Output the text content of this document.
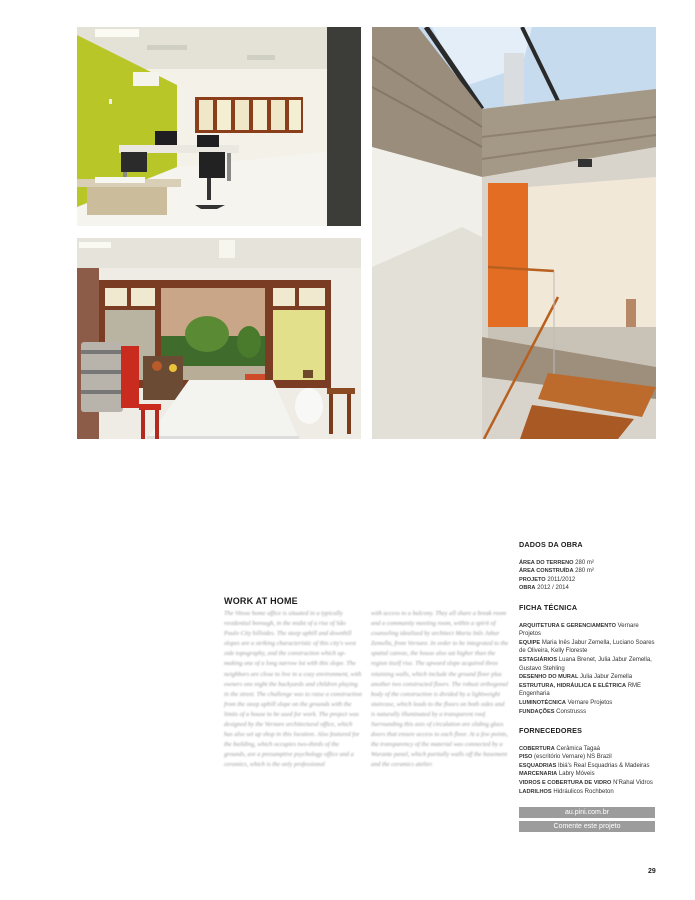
WORK AT HOME
The Vitsoe home office is situated in a typically residential borough, in the midst of a rise of São Paulo City hillsides. The steep uphill and downhill slopes are a striking characteristic of this city's west side topography, and the construction which up-making one of a long narrow lot with this slope. The neighbors are close to live in a cozy environment, with owners one night the backyards and children playing in the street. The challenge was to raise a construction from the steep uphill slope on the grounds with the limits of a house to be used for work. The project was designed by the Vernare architectural office, which has also set up shop in this location. Also featured for the building, which occupies two-thirds of the grounds, are a presumptive psychology office and a ceramics, which is the only professional
with access to a balcony. They all share a break room and a community meeting room, within a spirit of counseling idealized by architect Maria Inês Jabur Zemella, from Vernare. In order to be integrated to the spatial canvas, the house also sat higher than the region itself rise. The upward slope acquired three retaining walls, which include the ground floor plus another two constructed floors. The robust orthogonal body of the construction is divided by a lightweight staircase, which leads to the floors on both sides and is naturally illuminated by a transparent roof. Surrounding this axis of circulation are sliding glass doors that ensure access to each floor. At a few points, the transparency of the material was connected by a Wurante panel, which partially walls off the basement and the ceramics atelier.
DADOS DA OBRA
ÁREA DO TERRENO 280 m²
ÁREA CONSTRUÍDA 280 m²
PROJETO 2011/2012
OBRA 2012 / 2014
FICHA TÉCNICA
ARQUITETURA E GERENCIAMENTO Vernare Projetos
EQUIPE Maria Inês Jabur Zemella, Luciano Soares de Oliveira, Kelly Floreste
ESTAGIÁRIOS Luana Brenet, Julia Jabur Zemella, Gustavo Stehling
DESENHO DO MURAL Julia Jabur Zemella
ESTRUTURA, HIDRÁULICA E ELÉTRICA RME Engenharia
LUMINOTÉCNICA Vernare Projetos
FUNDAÇÕES Construsss
FORNECEDORES
COBERTURA Cerâmica Tagaá
PISO (escritório Vernare) NS Brazil
ESQUADRIAS Ibiá's Real Esquadrias & Madeiras
MARCENARIA Labry Móveis
VIDROS E COBERTURA DE VIDRO N'Rahal Vidros
LADRILHOS Hidráulicos Rochbeton
au.pini.com.br
Comente este projeto
29
